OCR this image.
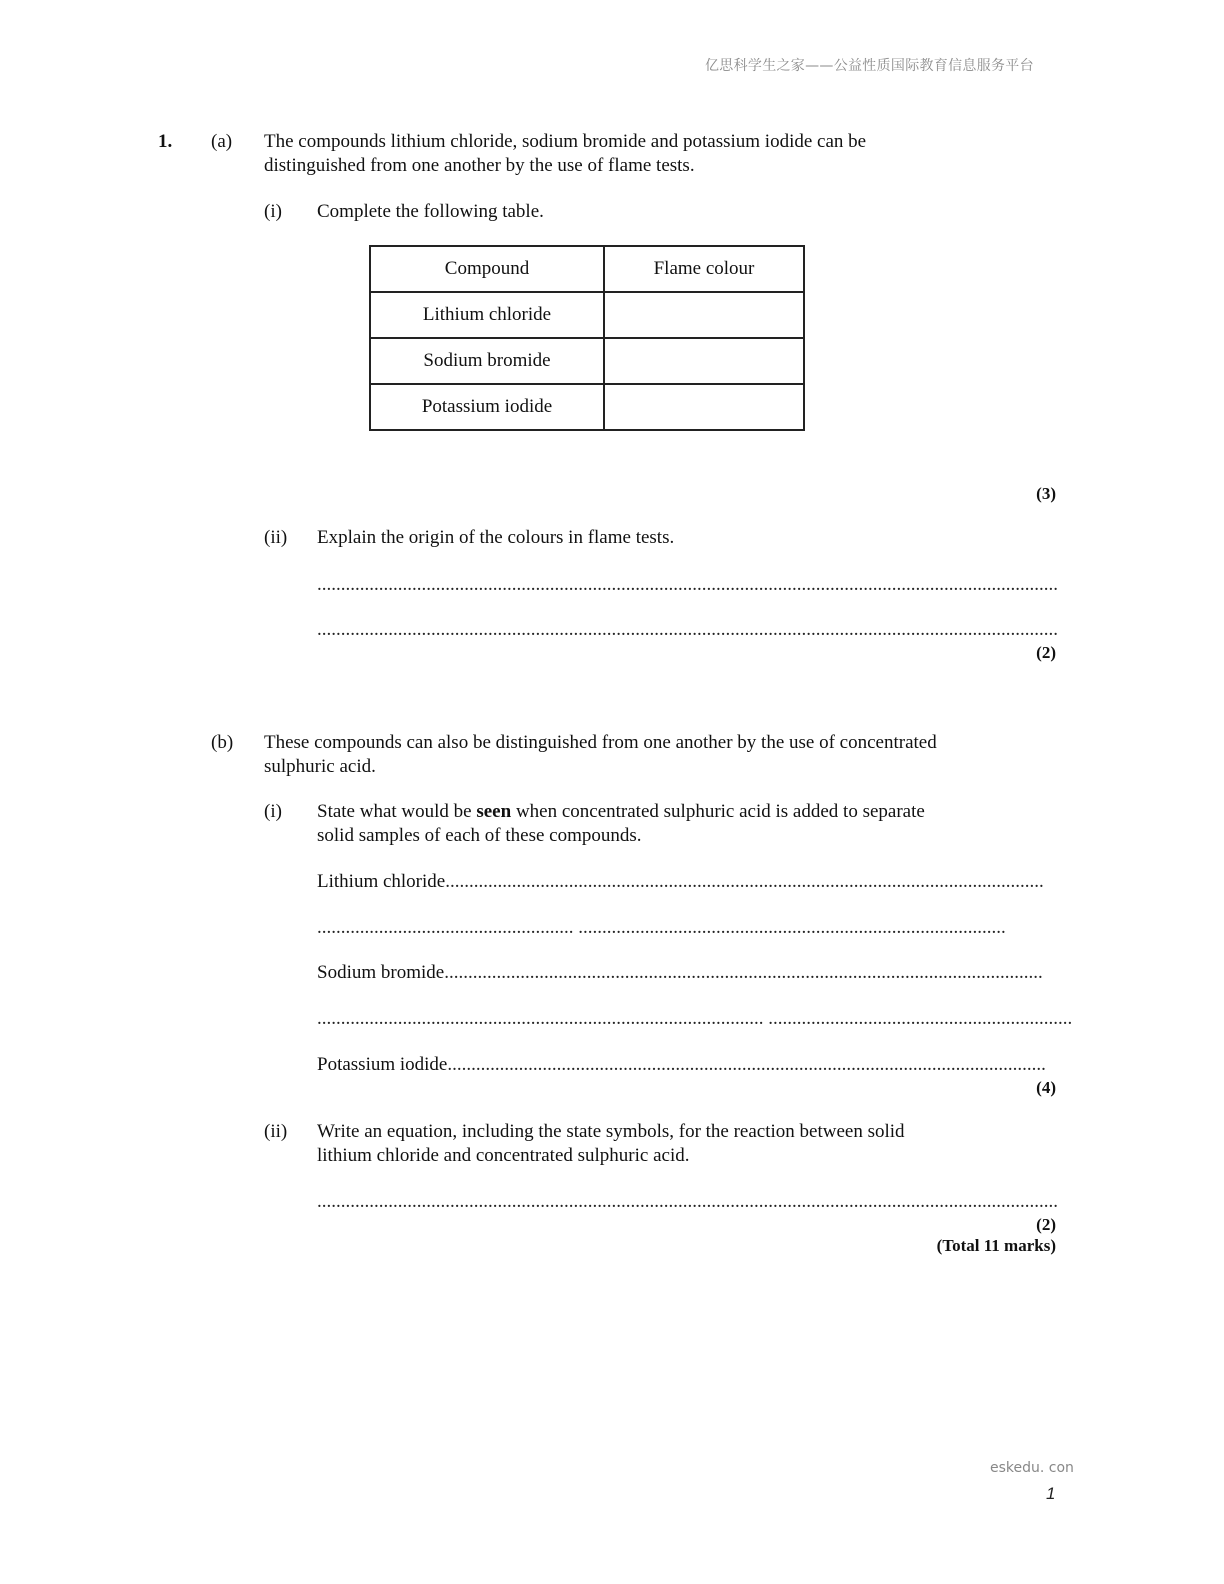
亿思科学生之家——公益性质国际教育信息服务平台
1. (a) The compounds lithium chloride, sodium bromide and potassium iodide can be
distinguished from one another by the use of flame tests.
(i) Complete the following table.
Compound	Flame colour
Lithium chloride	
Sodium bromide	
Potassium iodide	
(3)
(ii) Explain the origin of the colours in flame tests.
............................................................................................................................................................
............................................................................................................................................................
(2)
(b) These compounds can also be distinguished from one another by the use of concentrated
sulphuric acid.
(i) State what would be seen when concentrated sulphuric acid is added to separate
solid samples of each of these compounds.
Lithium chloride..............................................................................................................................
...................................................... ..........................................................................................
Sodium bromide..............................................................................................................................
.............................................................................................. ................................................................
Potassium iodide..............................................................................................................................
(4)
(ii) Write an equation, including the state symbols, for the reaction between solid
lithium chloride and concentrated sulphuric acid.
............................................................................................................................................................
(2)
(Total 11 marks)
eskedu. con
1
